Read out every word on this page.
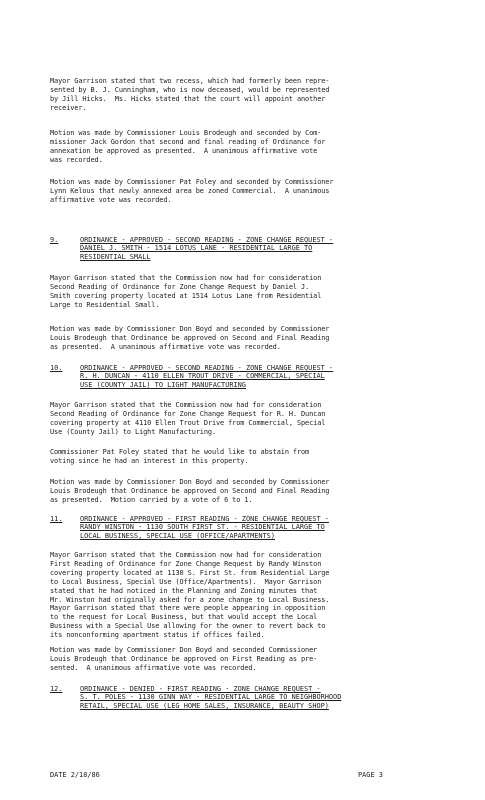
Mayor Garrison stated that two recess, which had formerly been repre-
sented by B. J. Cunningham, who is now deceased, would be represented
by Jill Hicks.  Ms. Hicks stated that the court will appoint another
receiver.
Motion was made by Commissioner Louis Brodeugh and seconded by Com-
missioner Jack Gordon that second and final reading of Ordinance for
annexation be approved as presented.  A unanimous affirmative vote
was recorded.
Motion was made by Commissioner Pat Foley and seconded by Commissioner
Lynn Kelous that newly annexed area be zoned Commercial.  A unanimous
affirmative vote was recorded.

9.

	ORDINANCE - APPROVED - SECOND READING - ZONE CHANGE REQUEST -
DANIEL J. SMITH - 1514 LOTUS LANE - RESIDENTIAL LARGE TO
RESIDENTIAL SMALL

Mayor Garrison stated that the Commission now had for consideration
Second Reading of Ordinance for Zone Change Request by Daniel J.
Smith covering property located at 1514 Lotus Lane from Residential
Large to Residential Small.
Motion was made by Commissioner Don Boyd and seconded by Commissioner
Louis Brodeugh that Ordinance be approved on Second and Final Reading
as presented.  A unanimous affirmative vote was recorded.

10.

	ORDINANCE - APPROVED - SECOND READING - ZONE CHANGE REQUEST -
R. H. DUNCAN - 4110 ELLEN TROUT DRIVE - COMMERCIAL, SPECIAL
USE (COUNTY JAIL) TO LIGHT MANUFACTURING

Mayor Garrison stated that the Commission now had for consideration
Second Reading of Ordinance for Zone Change Request for R. H. Duncan
covering property at 4110 Ellen Trout Drive from Commercial, Special
Use (County Jail) to Light Manufacturing.
Commissioner Pat Foley stated that he would like to abstain from
voting since he had an interest in this property.
Motion was made by Commissioner Don Boyd and seconded by Commissioner
Louis Brodeugh that Ordinance be approved on Second and Final Reading
as presented.  Motion carried by a vote of 6 to 1.

11.

	ORDINANCE - APPROVED - FIRST READING - ZONE CHANGE REQUEST -
RANDY WINSTON - 1130 SOUTH FIRST ST. - RESIDENTIAL LARGE TO
LOCAL BUSINESS, SPECIAL USE (OFFICE/APARTMENTS)

Mayor Garrison stated that the Commission now had for consideration
First Reading of Ordinance for Zone Change Request by Randy Winston
covering property located at 1130 S. First St. from Residential Large
to Local Business, Special Use (Office/Apartments).  Mayor Garrison
stated that he had noticed in the Planning and Zoning minutes that
Mr. Winston had originally asked for a zone change to Local Business.
Mayor Garrison stated that there were people appearing in opposition
to the request for Local Business, but that would accept the Local
Business with a Special Use allowing for the owner to revert back to
its nonconforming apartment status if offices failed.
Motion was made by Commissioner Don Boyd and seconded Commissioner
Louis Brodeugh that Ordinance be approved on First Reading as pre-
sented.  A unanimous affirmative vote was recorded.

12.

	ORDINANCE - DENIED - FIRST READING - ZONE CHANGE REQUEST -
S. T. POLES - 1130 GINN WAY - RESIDENTIAL LARGE TO NEIGHBORHOOD
RETAIL, SPECIAL USE (LEG HOME SALES, INSURANCE, BEAUTY SHOP)

DATE 2/18/86	PAGE 3
